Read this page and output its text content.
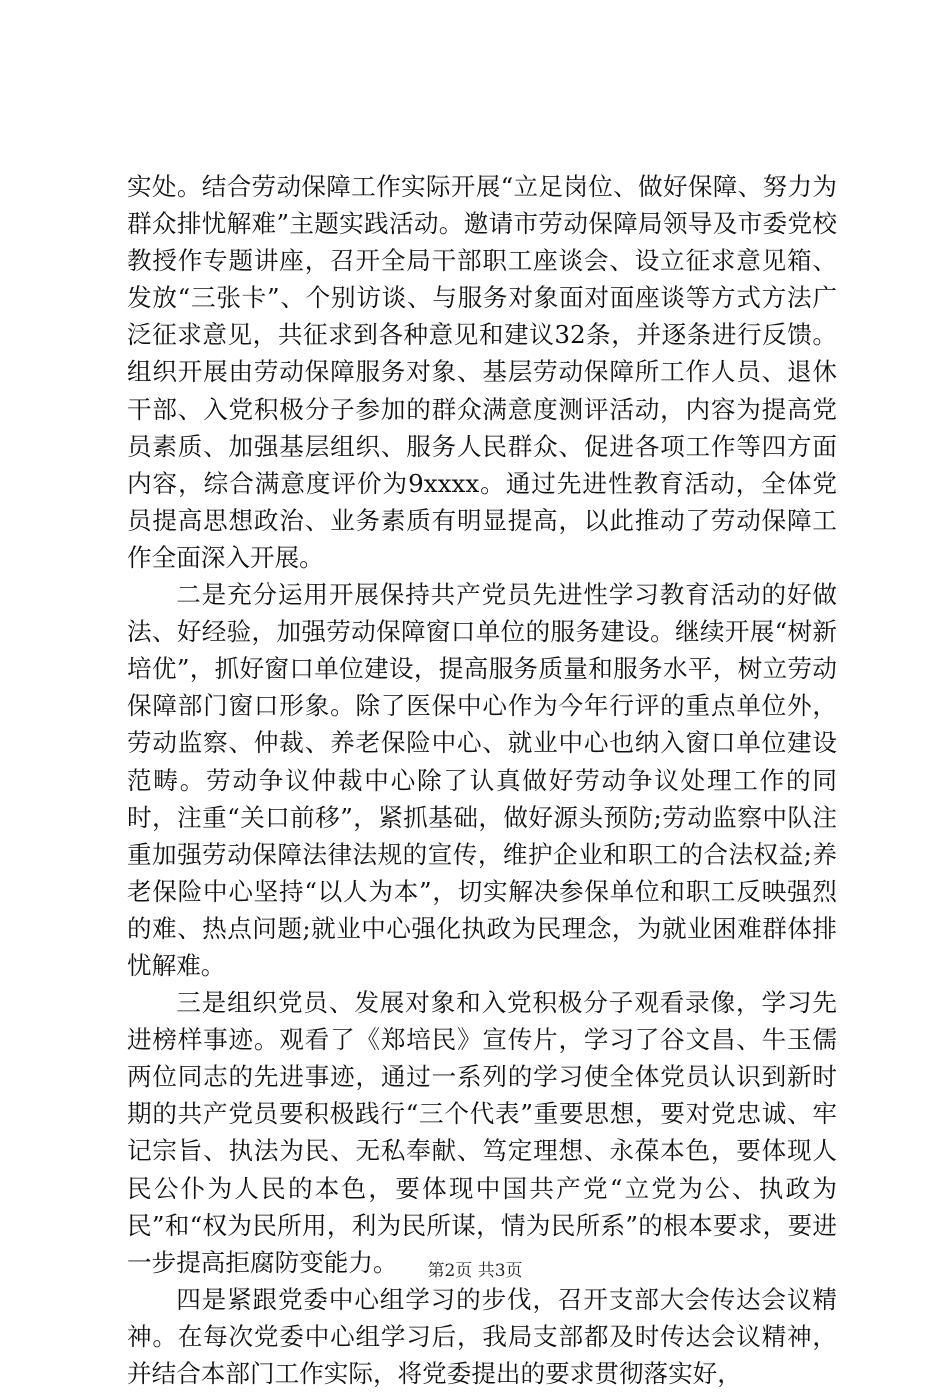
实处。结合劳动保障工作实际开展“立足岗位、做好保障、努力为群众排忧解难”主题实践活动。邀请市劳动保障局领导及市委党校教授作专题讲座，召开全局干部职工座谈会、设立征求意见箱、发放“三张卡”、个别访谈、与服务对象面对面座谈等方式方法广泛征求意见，共征求到各种意见和建议32条，并逐条进行反馈。组织开展由劳动保障服务对象、基层劳动保障所工作人员、退休干部、入党积极分子参加的群众满意度测评活动，内容为提高党员素质、加强基层组织、服务人民群众、促进各项工作等四方面内容，综合满意度评价为9xxxx。通过先进性教育活动，全体党员提高思想政治、业务素质有明显提高，以此推动了劳动保障工作全面深入开展。

二是充分运用开展保持共产党员先进性学习教育活动的好做法、好经验，加强劳动保障窗口单位的服务建设。继续开展“树新培优”，抓好窗口单位建设，提高服务质量和服务水平，树立劳动保障部门窗口形象。除了医保中心作为今年行评的重点单位外，劳动监察、仲裁、养老保险中心、就业中心也纳入窗口单位建设范畴。劳动争议仲裁中心除了认真做好劳动争议处理工作的同时，注重“关口前移”，紧抓基础，做好源头预防;劳动监察中队注重加强劳动保障法律法规的宣传，维护企业和职工的合法权益;养老保险中心坚持“以人为本”，切实解决参保单位和职工反映强烈的难、热点问题;就业中心强化执政为民理念，为就业困难群体排忧解难。

三是组织党员、发展对象和入党积极分子观看录像，学习先进榜样事迹。观看了《郑培民》宣传片，学习了谷文昌、牛玉儒两位同志的先进事迹，通过一系列的学习使全体党员认识到新时期的共产党员要积极践行“三个代表”重要思想，要对党忠诚、牢记宗旨、执法为民、无私奉献、笃定理想、永葆本色，要体现人民公仆为人民的本色，要体现中国共产党“立党为公、执政为民”和“权为民所用，利为民所谋，情为民所系”的根本要求，要进一步提高拒腐防变能力。

四是紧跟党委中心组学习的步伐，召开支部大会传达会议精神。在每次党委中心组学习后，我局支部都及时传达会议精神，并结合本部门工作实际，将党委提出的要求贯彻落实好，

第2页 共3页
